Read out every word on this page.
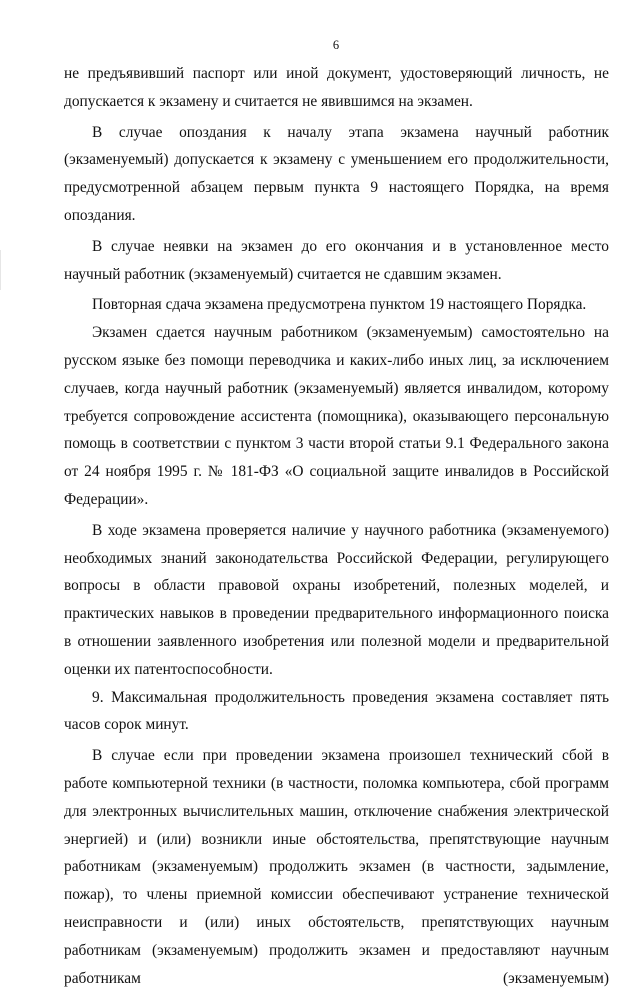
6

не предъявивший паспорт или иной документ, удостоверяющий личность, не допускается к экзамену и считается не явившимся на экзамен.

В случае опоздания к началу этапа экзамена научный работник (экзаменуемый) допускается к экзамену с уменьшением его продолжительности, предусмотренной абзацем первым пункта 9 настоящего Порядка, на время опоздания.

В случае неявки на экзамен до его окончания и в установленное место научный работник (экзаменуемый) считается не сдавшим экзамен.

Повторная сдача экзамена предусмотрена пунктом 19 настоящего Порядка.

Экзамен сдается научным работником (экзаменуемым) самостоятельно на русском языке без помощи переводчика и каких-либо иных лиц, за исключением случаев, когда научный работник (экзаменуемый) является инвалидом, которому требуется сопровождение ассистента (помощника), оказывающего персональную помощь в соответствии с пунктом 3 части второй статьи 9.1 Федерального закона от 24 ноября 1995 г. № 181-ФЗ «О социальной защите инвалидов в Российской Федерации».

В ходе экзамена проверяется наличие у научного работника (экзаменуемого) необходимых знаний законодательства Российской Федерации, регулирующего вопросы в области правовой охраны изобретений, полезных моделей, и практических навыков в проведении предварительного информационного поиска в отношении заявленного изобретения или полезной модели и предварительной оценки их патентоспособности.

9. Максимальная продолжительность проведения экзамена составляет пять часов сорок минут.

В случае если при проведении экзамена произошел технический сбой в работе компьютерной техники (в частности, поломка компьютера, сбой программ для электронных вычислительных машин, отключение снабжения электрической энергией) и (или) возникли иные обстоятельства, препятствующие научным работникам (экзаменуемым) продолжить экзамен (в частности, задымление, пожар), то члены приемной комиссии обеспечивают устранение технической неисправности и (или) иных обстоятельств, препятствующих научным работникам (экзаменуемым) продолжить экзамен и предоставляют научным работникам (экзаменуемым)
